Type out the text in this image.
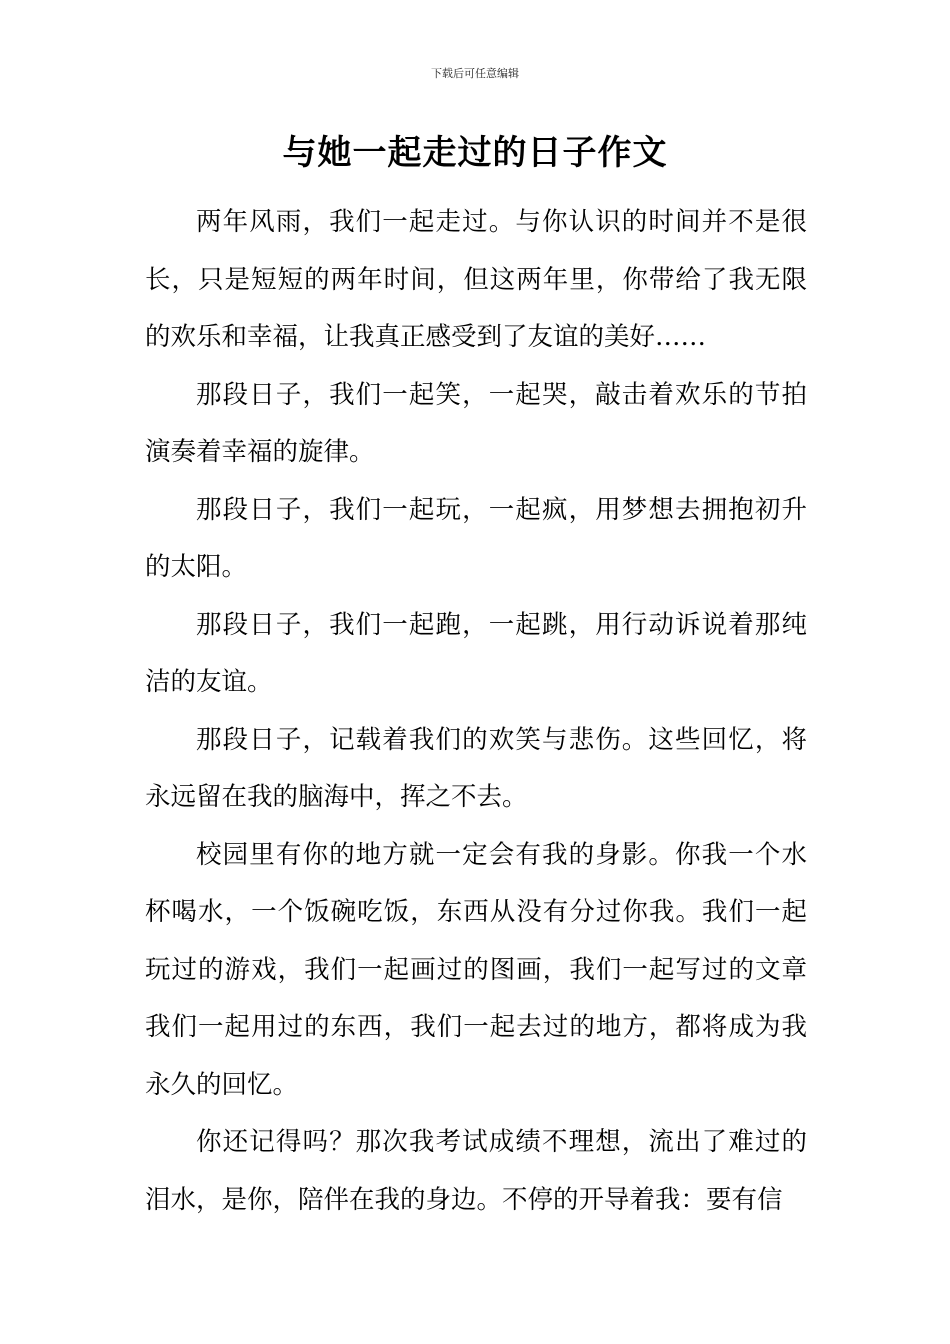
下载后可任意编辑
与她一起走过的日子作文

两年风雨，我们一起走过。与你认识的时间并不是很长，只是短短的两年时间，但这两年里，你带给了我无限的欢乐和幸福，让我真正感受到了友谊的美好……

那段日子，我们一起笑，一起哭，敲击着欢乐的节拍演奏着幸福的旋律。

那段日子，我们一起玩，一起疯，用梦想去拥抱初升的太阳。

那段日子，我们一起跑，一起跳，用行动诉说着那纯洁的友谊。

那段日子，记载着我们的欢笑与悲伤。这些回忆，将永远留在我的脑海中，挥之不去。

校园里有你的地方就一定会有我的身影。你我一个水杯喝水，一个饭碗吃饭，东西从没有分过你我。我们一起玩过的游戏，我们一起画过的图画，我们一起写过的文章我们一起用过的东西，我们一起去过的地方，都将成为我永久的回忆。

你还记得吗？那次我考试成绩不理想，流出了难过的泪水，是你，陪伴在我的身边。不停的开导着我：要有信
